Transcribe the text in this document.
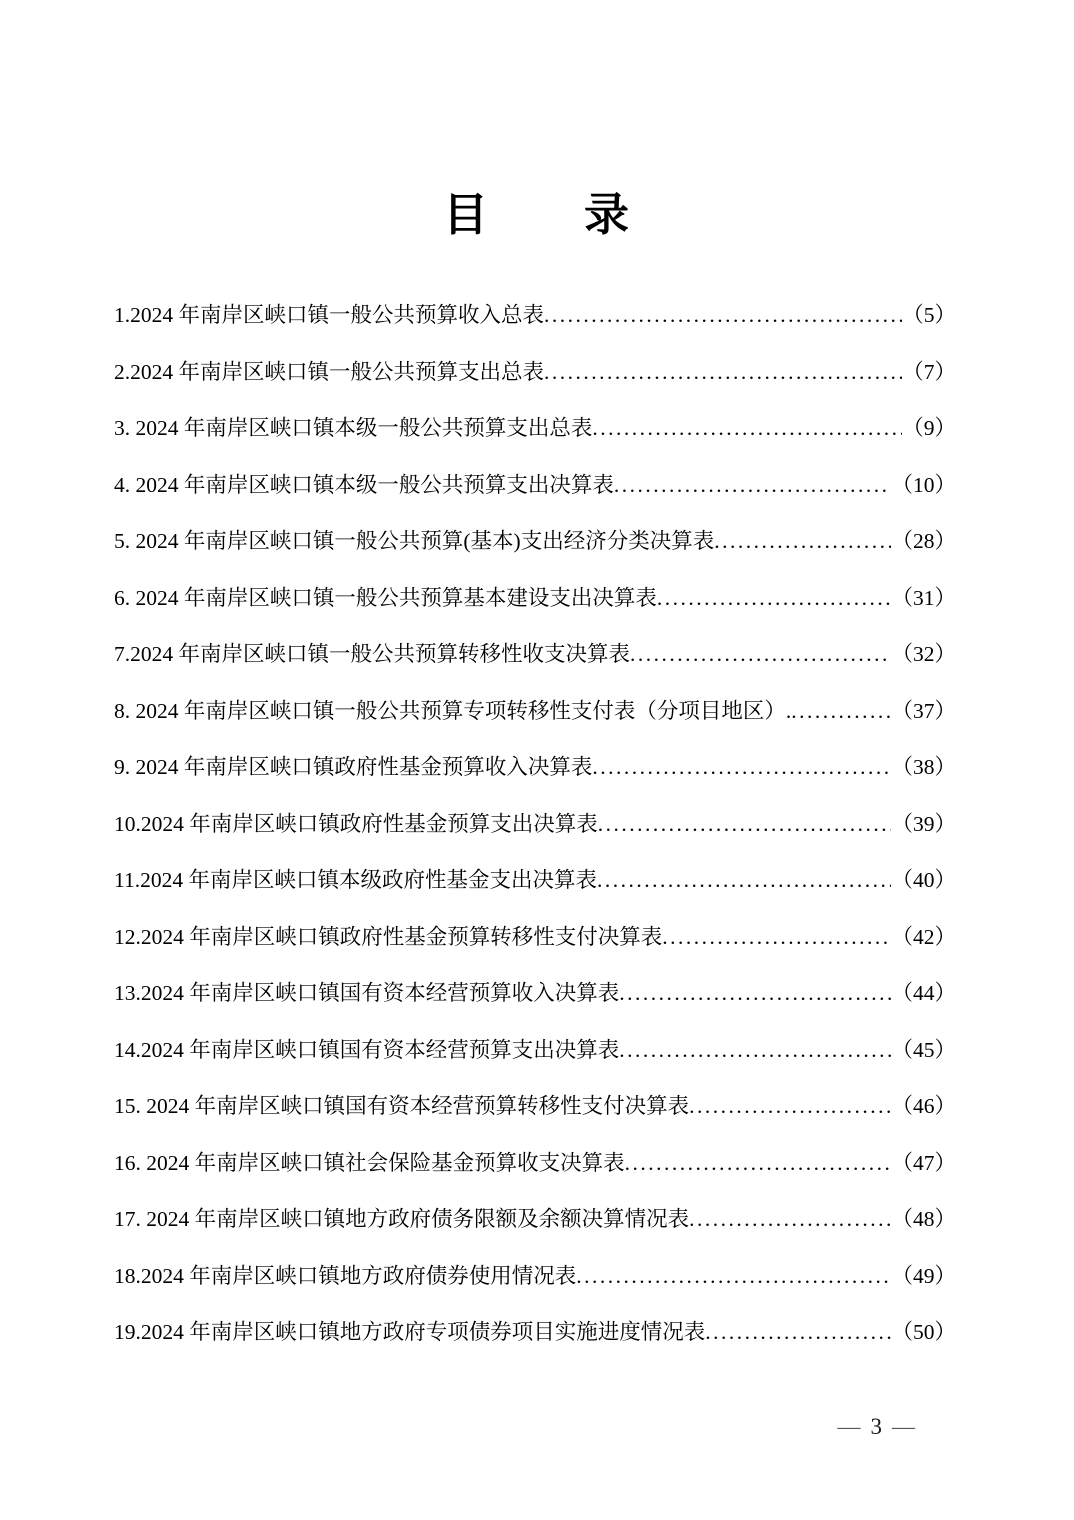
目　　录
1.2024 年南岸区峡口镇一般公共预算收入总表 .....	（5）
2.2024 年南岸区峡口镇一般公共预算支出总表 .....	（7）
3. 2024 年南岸区峡口镇本级一般公共预算支出总表 .....	（9）
4. 2024 年南岸区峡口镇本级一般公共预算支出决算表 .....	（10）
5. 2024 年南岸区峡口镇一般公共预算(基本)支出经济分类决算表 .....	（28）
6. 2024 年南岸区峡口镇一般公共预算基本建设支出决算表 .....	（31）
7.2024 年南岸区峡口镇一般公共预算转移性收支决算表 .....	（32）
8. 2024 年南岸区峡口镇一般公共预算专项转移性支付表（分项目地区）. .....	（37）
9. 2024 年南岸区峡口镇政府性基金预算收入决算表 .....	（38）
10.2024 年南岸区峡口镇政府性基金预算支出决算表 .....	（39）
11.2024 年南岸区峡口镇本级政府性基金支出决算表 .....	（40）
12.2024 年南岸区峡口镇政府性基金预算转移性支付决算表 .....	（42）
13.2024 年南岸区峡口镇国有资本经营预算收入决算表 .....	（44）
14.2024 年南岸区峡口镇国有资本经营预算支出决算表 .....	（45）
15. 2024 年南岸区峡口镇国有资本经营预算转移性支付决算表 .....	（46）
16. 2024 年南岸区峡口镇社会保险基金预算收支决算表 .....	（47）
17. 2024 年南岸区峡口镇地方政府债务限额及余额决算情况表 .....	（48）
18.2024 年南岸区峡口镇地方政府债券使用情况表 .....	（49）
19.2024 年南岸区峡口镇地方政府专项债券项目实施进度情况表 .....	（50）
— 3 —
